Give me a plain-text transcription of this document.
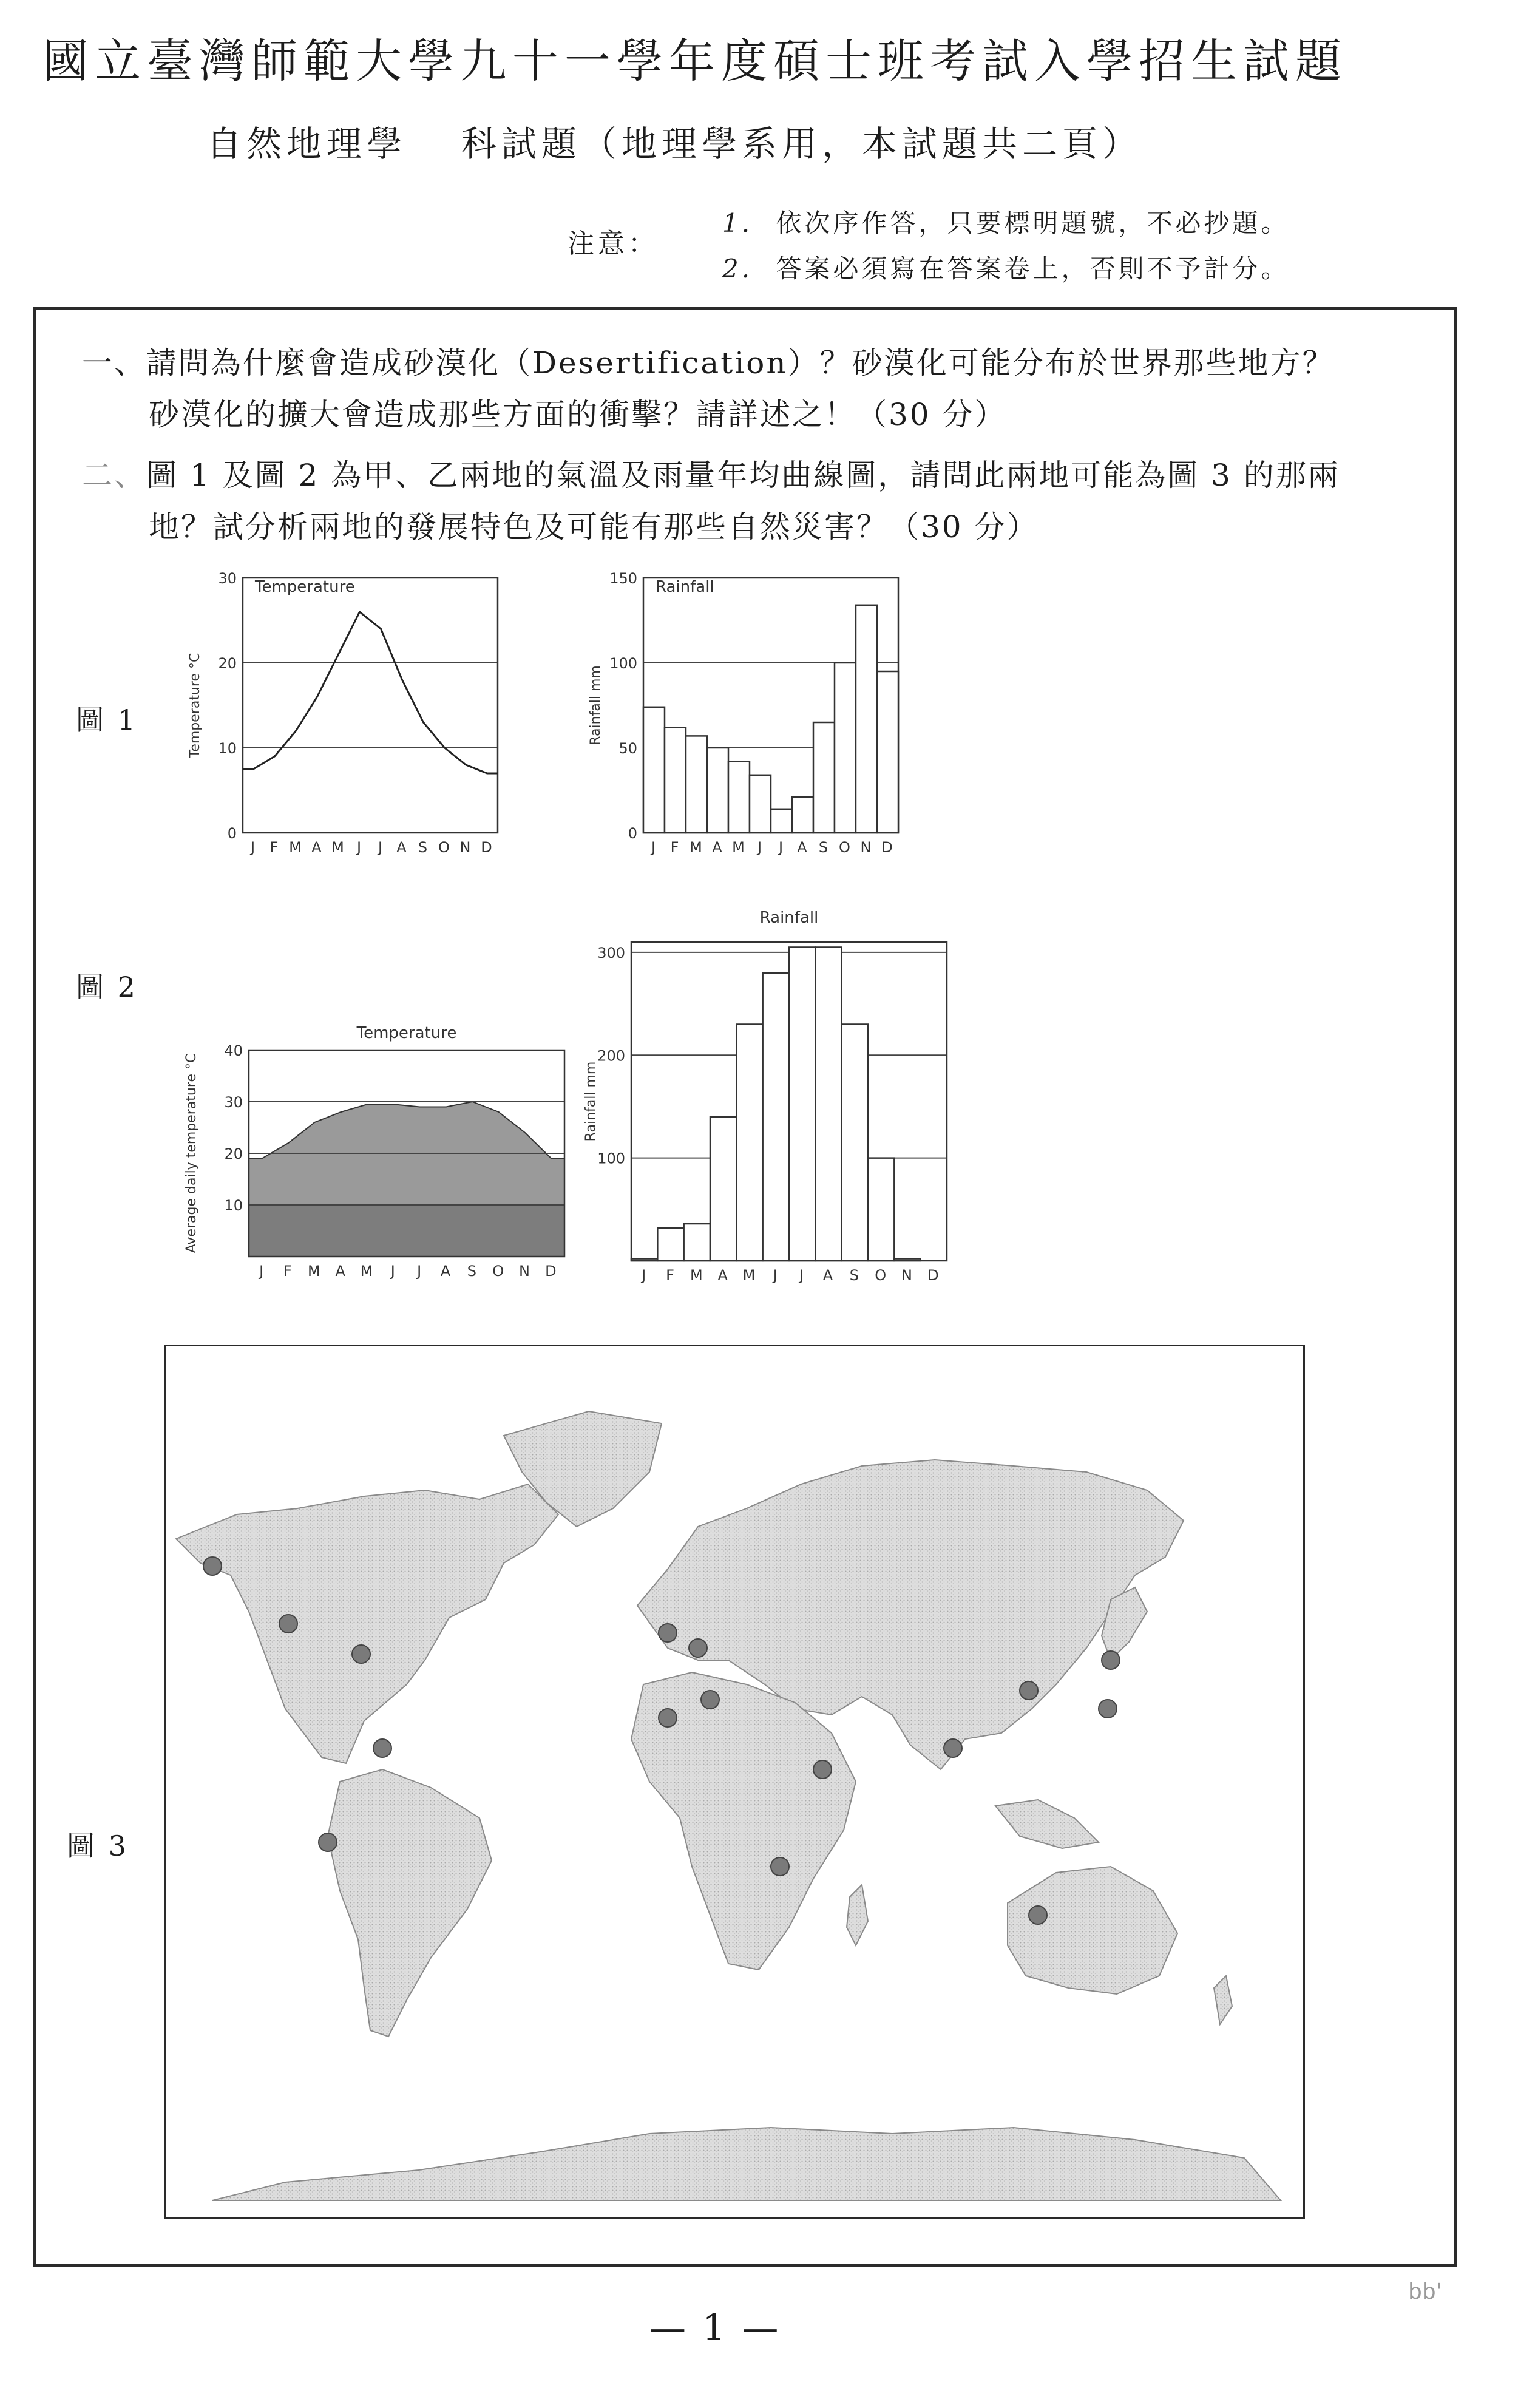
國立臺灣師範大學九十一學年度碩士班考試入學招生試題
自然地理學 科試題（地理學系用，本試題共二頁）
注意：
1. 依次序作答，只要標明題號，不必抄題。
2. 答案必須寫在答案卷上，否則不予計分。
一、請問為什麼會造成砂漠化（Desertification）？砂漠化可能分布於世界那些地方？
砂漠化的擴大會造成那些方面的衝擊？請詳述之！（30 分）
二、圖 1 及圖 2 為甲、乙兩地的氣溫及雨量年均曲線圖，請問此兩地可能為圖 3 的那兩
地？試分析兩地的發展特色及可能有那些自然災害？（30 分）
圖 1
圖 2
圖 3
0
10
20
30
J F M A M J J A S O N D
Temperature
Temperature °C
0
50
100
150
J F M A M J J A S O N D
Rainfall
Rainfall mm
10
20
30
40
J F M A M J J A S O N D
Temperature
Average daily temperature °C	100
200
300
J F M A M J J A S O N D
Rainfall
Rainfall mm
— 1 —
bb'
